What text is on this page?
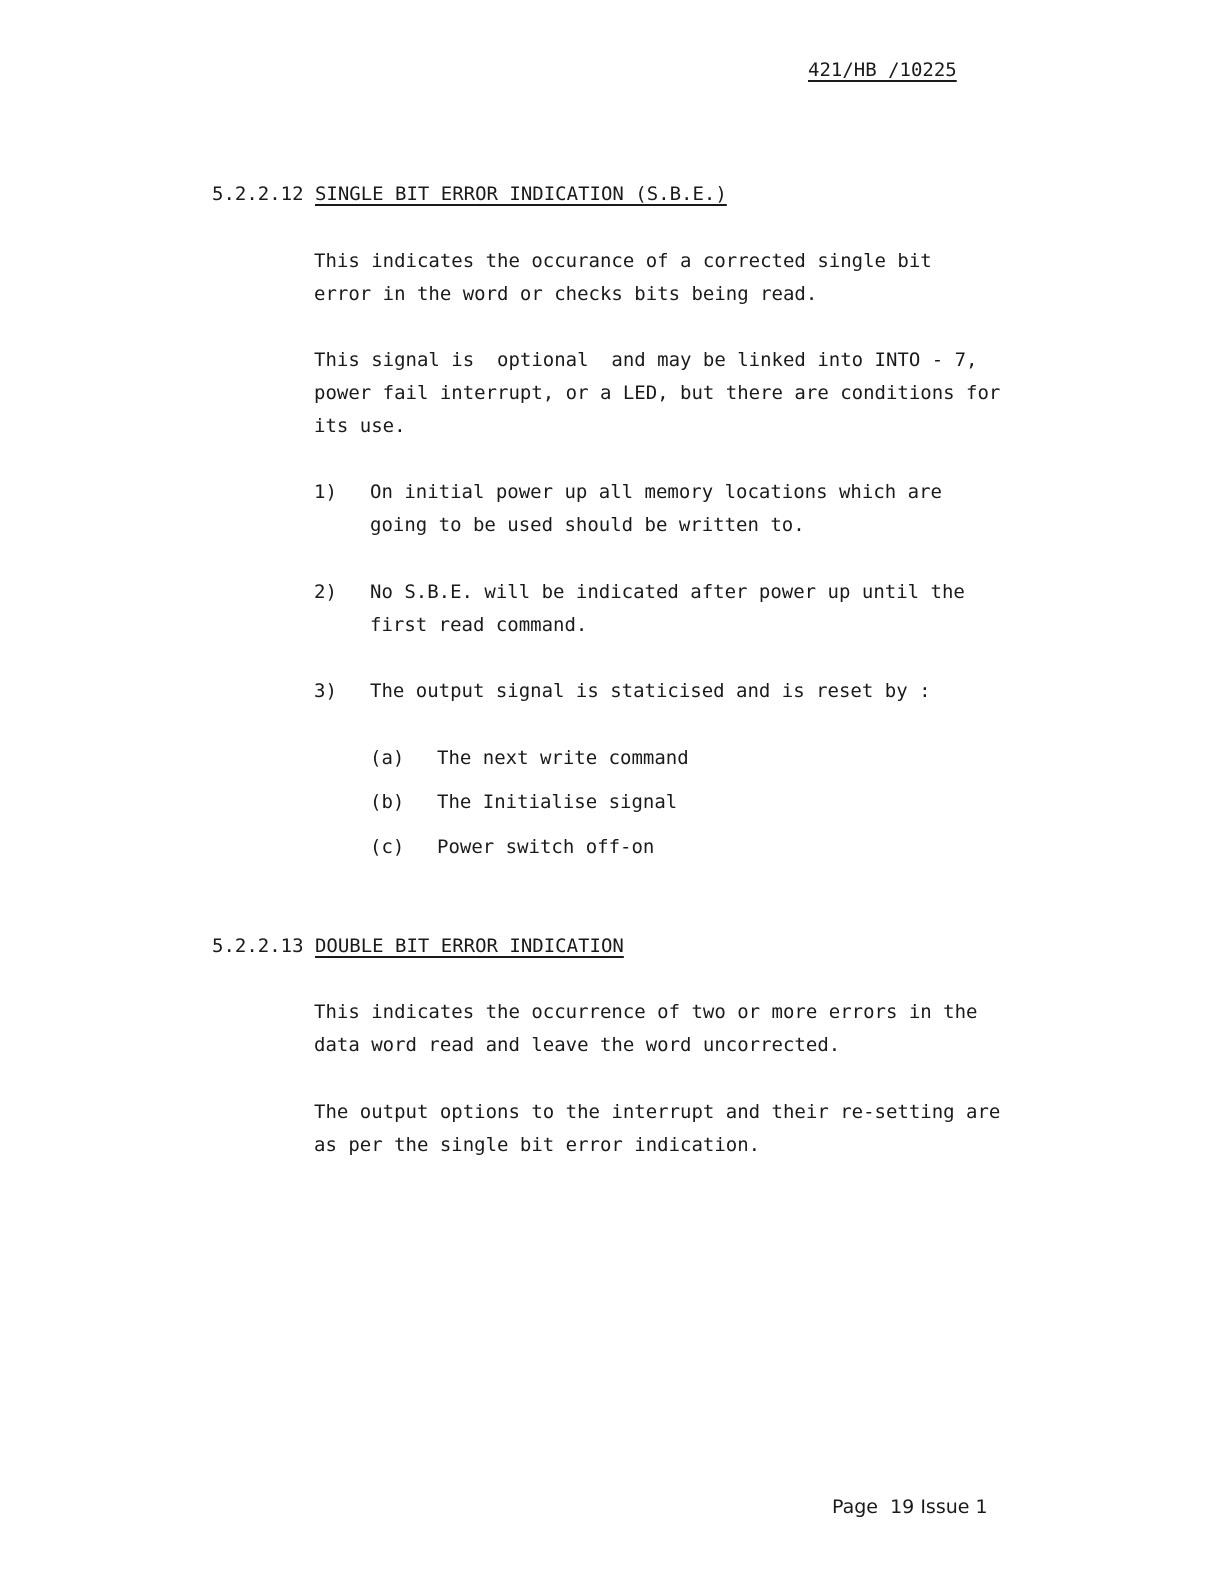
421/HB /10225
5.2.2.12 SINGLE BIT ERROR INDICATION (S.B.E.)
This indicates the occurance of a corrected single bit
error in the word or checks bits being read.
This signal is  optional  and may be linked into INTO - 7,
power fail interrupt, or a LED, but there are conditions for
its use.
1) On initial power up all memory locations which are
going to be used should be written to.
2) No S.B.E. will be indicated after power up until the
first read command.
3) The output signal is staticised and is reset by :
(a) The next write command
(b) The Initialise signal
(c) Power switch off-on
5.2.2.13 DOUBLE BIT ERROR INDICATION
This indicates the occurrence of two or more errors in the
data word read and leave the word uncorrected.
The output options to the interrupt and their re-setting are
as per the single bit error indication.
Page 19 Issue 1
